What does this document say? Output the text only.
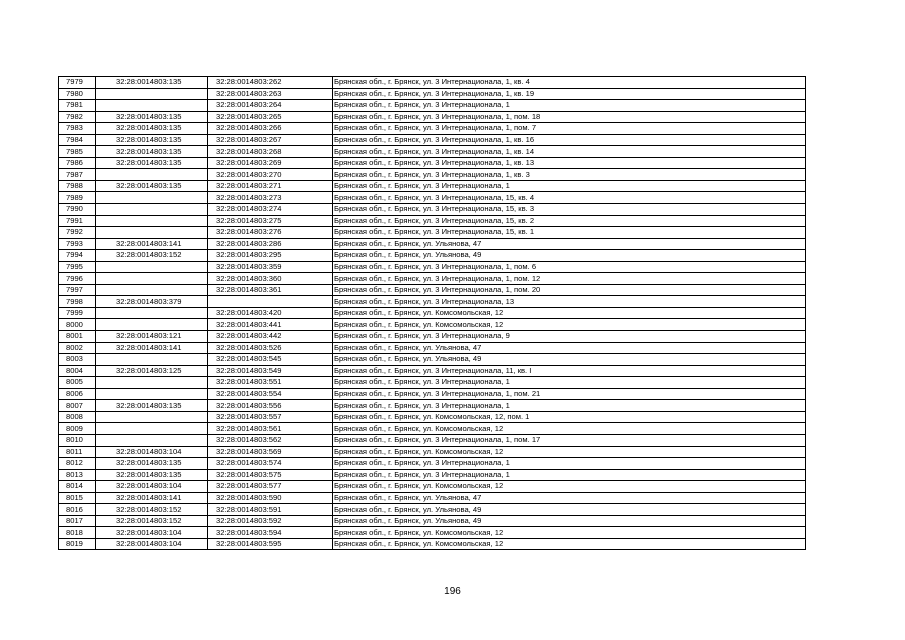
7979	32:28:0014803:135	32:28:0014803:262	Брянская обл., г. Брянск, ул. 3 Интернационала, 1, кв. 4
7980		32:28:0014803:263	Брянская обл., г. Брянск, ул. 3 Интернационала, 1, кв. 19
7981		32:28:0014803:264	Брянская обл., г. Брянск, ул. 3 Интернационала, 1
7982	32:28:0014803:135	32:28:0014803:265	Брянская обл., г. Брянск, ул. 3 Интернационала, 1, пом. 18
7983	32:28:0014803:135	32:28:0014803:266	Брянская обл., г. Брянск, ул. 3 Интернационала, 1, пом. 7
7984	32:28:0014803:135	32:28:0014803:267	Брянская обл., г. Брянск, ул. 3 Интернационала, 1, кв. 16
7985	32:28:0014803:135	32:28:0014803:268	Брянская обл., г. Брянск, ул. 3 Интернационала, 1, кв. 14
7986	32:28:0014803:135	32:28:0014803:269	Брянская обл., г. Брянск, ул. 3 Интернационала, 1, кв. 13
7987		32:28:0014803:270	Брянская обл., г. Брянск, ул. 3 Интернационала, 1, кв. 3
7988	32:28:0014803:135	32:28:0014803:271	Брянская обл., г. Брянск, ул. 3 Интернационала, 1
7989		32:28:0014803:273	Брянская обл., г. Брянск, ул. 3 Интернационала, 15, кв. 4
7990		32:28:0014803:274	Брянская обл., г. Брянск, ул. 3 Интернационала, 15, кв. 3
7991		32:28:0014803:275	Брянская обл., г. Брянск, ул. 3 Интернационала, 15, кв. 2
7992		32:28:0014803:276	Брянская обл., г. Брянск, ул. 3 Интернационала, 15, кв. 1
7993	32:28:0014803:141	32:28:0014803:286	Брянская обл., г. Брянск, ул. Ульянова, 47
7994	32:28:0014803:152	32:28:0014803:295	Брянская обл., г. Брянск, ул. Ульянова, 49
7995		32:28:0014803:359	Брянская обл., г. Брянск, ул. 3 Интернационала, 1, пом. 6
7996		32:28:0014803:360	Брянская обл., г. Брянск, ул. 3 Интернационала, 1, пом. 12
7997		32:28:0014803:361	Брянская обл., г. Брянск, ул. 3 Интернационала, 1, пом. 20
7998	32:28:0014803:379		Брянская обл., г. Брянск, ул. 3 Интернационала, 13
7999		32:28:0014803:420	Брянская обл., г. Брянск, ул. Комсомольская, 12
8000		32:28:0014803:441	Брянская обл., г. Брянск, ул. Комсомольская, 12
8001	32:28:0014803:121	32:28:0014803:442	Брянская обл., г. Брянск, ул. 3 Интернационала, 9
8002	32:28:0014803:141	32:28:0014803:526	Брянская обл., г. Брянск, ул. Ульянова, 47
8003		32:28:0014803:545	Брянская обл., г. Брянск, ул. Ульянова, 49
8004	32:28:0014803:125	32:28:0014803:549	Брянская обл., г. Брянск, ул. 3 Интернационала, 11, кв. I
8005		32:28:0014803:551	Брянская обл., г. Брянск, ул. 3 Интернационала, 1
8006		32:28:0014803:554	Брянская обл., г. Брянск, ул. 3 Интернационала, 1, пом. 21
8007	32:28:0014803:135	32:28:0014803:556	Брянская обл., г. Брянск, ул. 3 Интернационала, 1
8008		32:28:0014803:557	Брянская обл., г. Брянск, ул. Комсомольская, 12, пом. 1
8009		32:28:0014803:561	Брянская обл., г. Брянск, ул. Комсомольская, 12
8010		32:28:0014803:562	Брянская обл., г. Брянск, ул. 3 Интернационала, 1, пом. 17
8011	32:28:0014803:104	32:28:0014803:569	Брянская обл., г. Брянск, ул. Комсомольская, 12
8012	32:28:0014803:135	32:28:0014803:574	Брянская обл., г. Брянск, ул. 3 Интернационала, 1
8013	32:28:0014803:135	32:28:0014803:575	Брянская обл., г. Брянск, ул. 3 Интернационала, 1
8014	32:28:0014803:104	32:28:0014803:577	Брянская обл., г. Брянск, ул. Комсомольская, 12
8015	32:28:0014803:141	32:28:0014803:590	Брянская обл., г. Брянск, ул. Ульянова, 47
8016	32:28:0014803:152	32:28:0014803:591	Брянская обл., г. Брянск, ул. Ульянова, 49
8017	32:28:0014803:152	32:28:0014803:592	Брянская обл., г. Брянск, ул. Ульянова, 49
8018	32:28:0014803:104	32:28:0014803:594	Брянская обл., г. Брянск, ул. Комсомольская, 12
8019	32:28:0014803:104	32:28:0014803:595	Брянская обл., г. Брянск, ул. Комсомольская, 12
196
